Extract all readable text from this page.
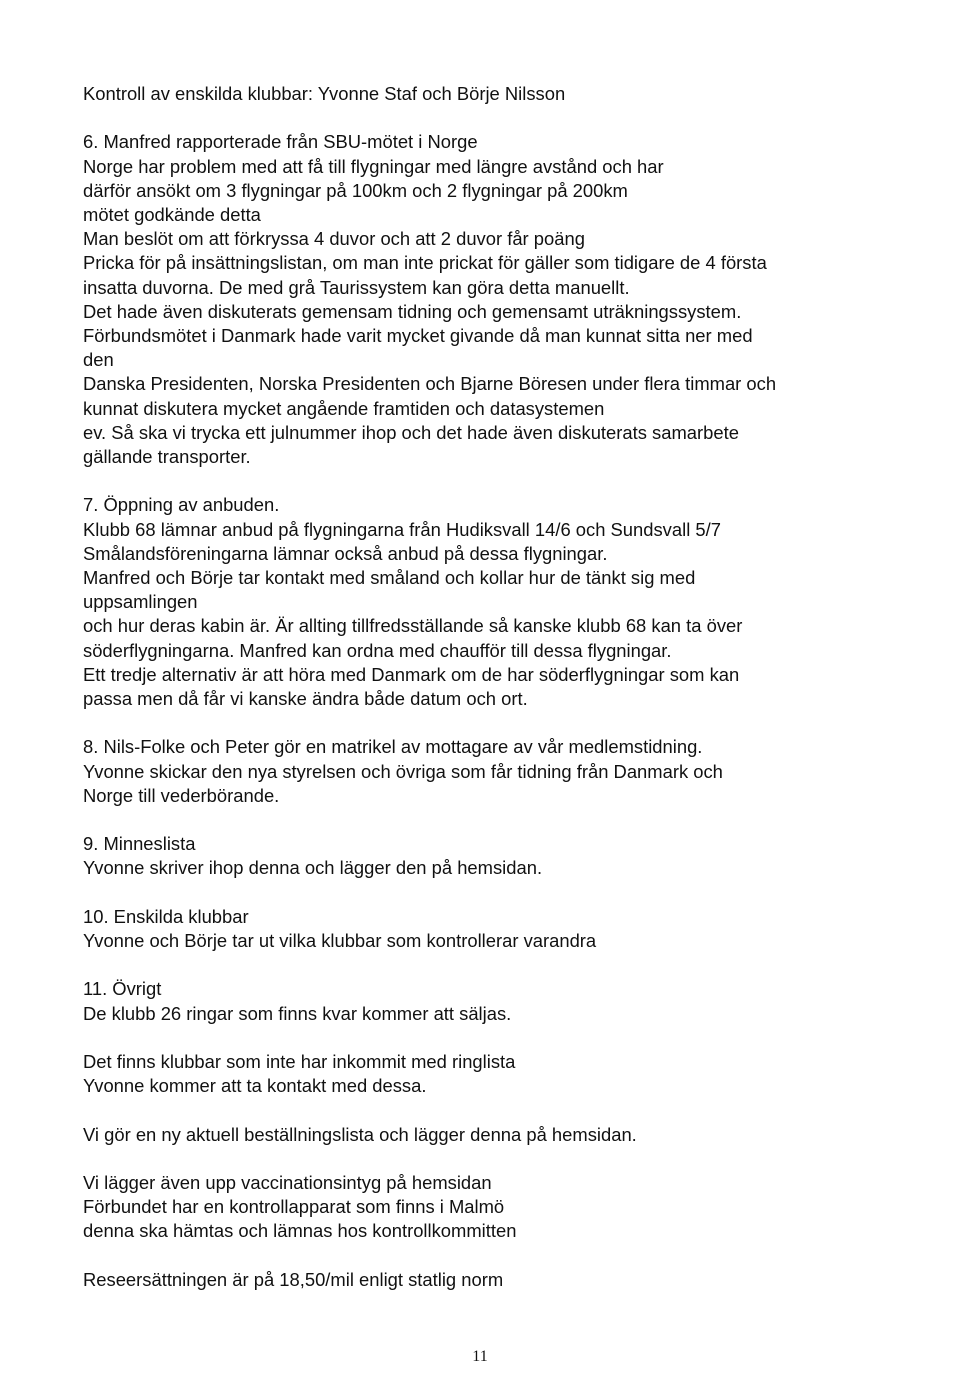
Kontroll av enskilda klubbar: Yvonne Staf och Börje Nilsson
6. Manfred rapporterade från SBU-mötet i Norge
Norge har problem med att få till flygningar med längre avstånd och har
därför ansökt om 3 flygningar på 100km och 2 flygningar på 200km
mötet godkände detta
Man beslöt om att förkryssa 4 duvor och att 2 duvor får poäng
Pricka för på insättningslistan, om man inte prickat för gäller som tidigare de 4 första
insatta duvorna. De med grå Taurissystem kan göra detta manuellt.
Det hade även diskuterats gemensam tidning och gemensamt uträkningssystem.
Förbundsmötet i Danmark hade varit mycket givande då man kunnat sitta ner med
den
Danska Presidenten, Norska Presidenten och Bjarne Böresen under flera timmar och
kunnat diskutera mycket angående framtiden och datasystemen
ev. Så ska vi trycka ett julnummer ihop och det hade även diskuterats samarbete
gällande transporter.
7. Öppning av anbuden.
Klubb 68 lämnar anbud på flygningarna från Hudiksvall 14/6 och Sundsvall 5/7
Smålandsföreningarna lämnar också anbud på dessa flygningar.
Manfred och Börje tar kontakt med småland och kollar hur de tänkt sig med
uppsamlingen
och hur deras kabin är. Är allting tillfredsställande så kanske klubb 68 kan ta över
söderflygningarna. Manfred kan ordna med chaufför till dessa flygningar.
Ett tredje alternativ är att höra med Danmark om de har söderflygningar som kan
passa men då får vi kanske ändra både datum och ort.
8. Nils-Folke och Peter gör en matrikel av mottagare av vår medlemstidning.
Yvonne skickar den nya styrelsen och övriga som får tidning från Danmark och
Norge till vederbörande.
9. Minneslista
Yvonne skriver ihop denna och lägger den på hemsidan.
10. Enskilda klubbar
Yvonne och Börje tar ut vilka klubbar som kontrollerar varandra
11. Övrigt
De klubb 26 ringar som finns kvar kommer att säljas.
Det finns klubbar som inte har inkommit med ringlista
Yvonne kommer att ta kontakt med dessa.
Vi gör en ny aktuell beställningslista och lägger denna på hemsidan.
Vi lägger även upp vaccinationsintyg på hemsidan
Förbundet har en kontrollapparat som finns i Malmö
denna ska hämtas och lämnas hos kontrollkommitten
Reseersättningen är på 18,50/mil enligt statlig norm
11
